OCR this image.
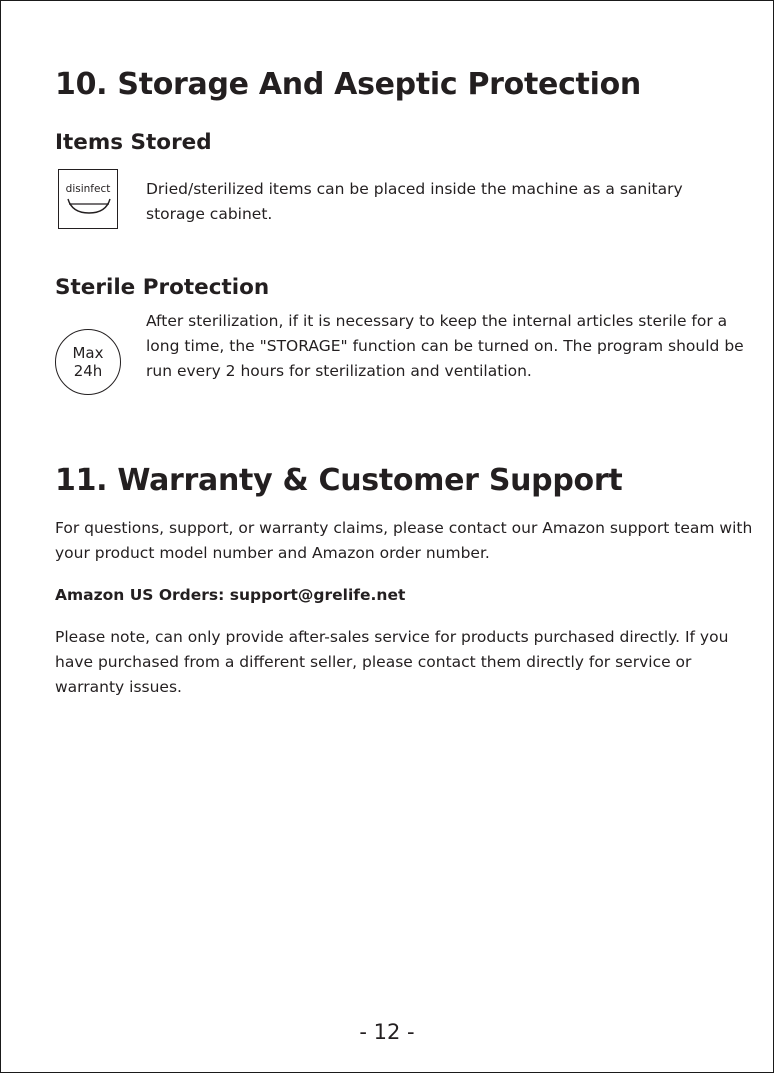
10. Storage And Aseptic Protection
Items Stored
disinfect	Dried/sterilized items can be placed inside the machine as a sanitary storage cabinet.

Sterile Protection
Max
24h

After sterilization, if it is necessary to keep the internal articles sterile for a long time, the "STORAGE" function can be turned on. The program should be run every 2 hours for sterilization and ventilation.

11. Warranty & Customer Support

For questions, support, or warranty claims, please contact our Amazon support team with your product model number and Amazon order number.

Amazon US Orders: support@grelife.net

Please note, can only provide after-sales service for products purchased directly. If you have purchased from a different seller, please contact them directly for service or warranty issues.

- 12 -
